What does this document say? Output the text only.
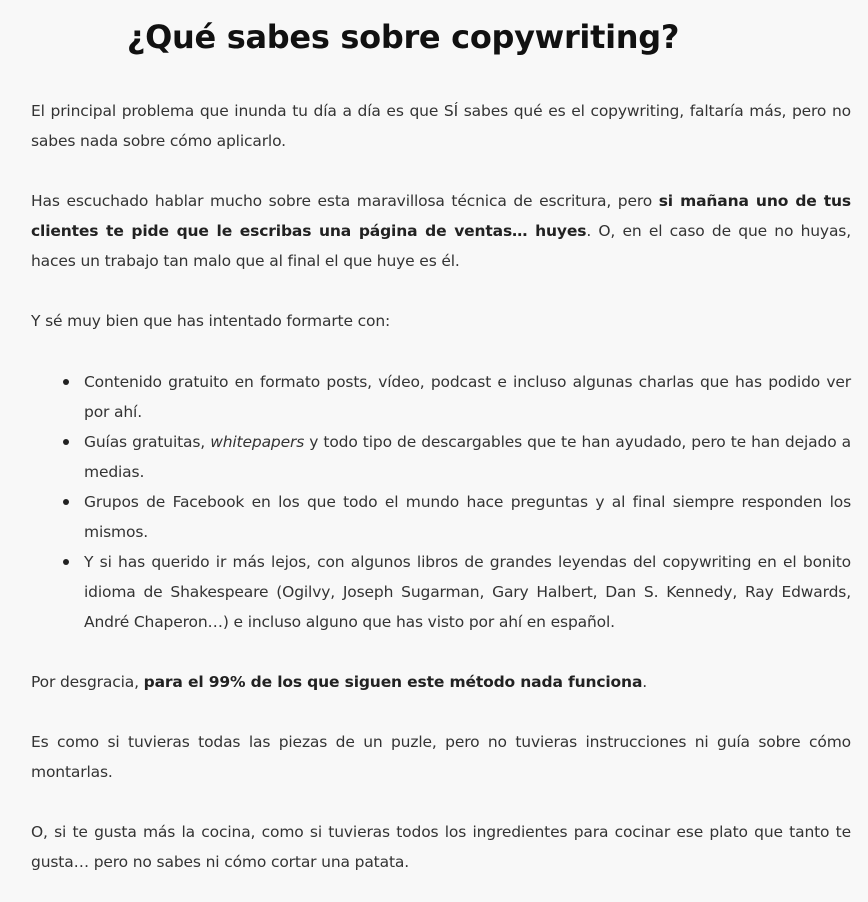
¿Qué sabes sobre copywriting?

El principal problema que inunda tu día a día es que SÍ sabes qué es el copywriting, faltaría más, pero no sabes nada sobre cómo aplicarlo.

Has escuchado hablar mucho sobre esta maravillosa técnica de escritura, pero si mañana uno de tus clientes te pide que le escribas una página de ventas… huyes. O, en el caso de que no huyas, haces un trabajo tan malo que al final el que huye es él.

Y sé muy bien que has intentado formarte con:

Contenido gratuito en formato posts, vídeo, podcast e incluso algunas charlas que has podido ver por ahí.
Guías gratuitas, whitepapers y todo tipo de descargables que te han ayudado, pero te han dejado a medias.
Grupos de Facebook en los que todo el mundo hace preguntas y al final siempre responden los mismos.
Y si has querido ir más lejos, con algunos libros de grandes leyendas del copywriting en el bonito idioma de Shakespeare (Ogilvy, Joseph Sugarman, Gary Halbert, Dan S. Kennedy, Ray Edwards, André Chaperon…) e incluso alguno que has visto por ahí en español.

Por desgracia, para el 99% de los que siguen este método nada funciona.

Es como si tuvieras todas las piezas de un puzle, pero no tuvieras instrucciones ni guía sobre cómo montarlas.

O, si te gusta más la cocina, como si tuvieras todos los ingredientes para cocinar ese plato que tanto te gusta… pero no sabes ni cómo cortar una patata.
